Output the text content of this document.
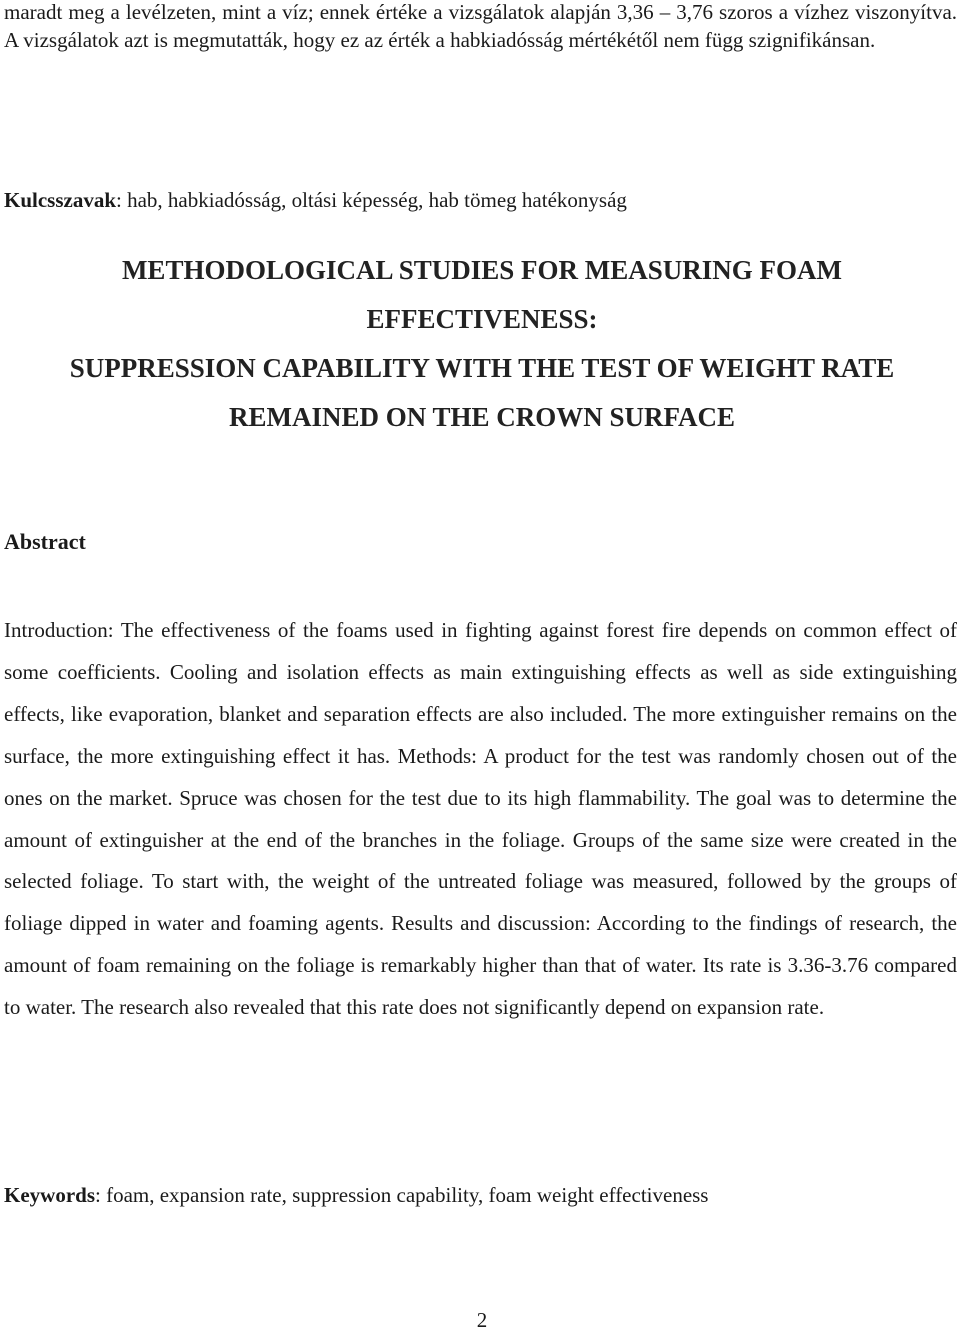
maradt meg a levélzeten, mint a víz; ennek értéke a vizsgálatok alapján 3,36 – 3,76 szoros a vízhez viszonyítva. A vizsgálatok azt is megmutatták, hogy ez az érték a habkiadósság mértékétől nem függ szignifikánsan.

Kulcsszavak: hab, habkiadósság, oltási képesség, hab tömeg hatékonyság

METHODOLOGICAL STUDIES FOR MEASURING FOAM
EFFECTIVENESS:
SUPPRESSION CAPABILITY WITH THE TEST OF WEIGHT RATE
REMAINED ON THE CROWN SURFACE
Abstract

Introduction: The effectiveness of the foams used in fighting against forest fire depends on common effect of some coefficients. Cooling and isolation effects as main extinguishing effects as well as side extinguishing effects, like evaporation, blanket and separation effects are also included. The more extinguisher remains on the surface, the more extinguishing effect it has. Methods: A product for the test was randomly chosen out of the ones on the market. Spruce was chosen for the test due to its high flammability. The goal was to determine the amount of extinguisher at the end of the branches in the foliage. Groups of the same size were created in the selected foliage. To start with, the weight of the untreated foliage was measured, followed by the groups of foliage dipped in water and foaming agents. Results and discussion: According to the findings of research, the amount of foam remaining on the foliage is remarkably higher than that of water. Its rate is 3.36-3.76 compared to water. The research also revealed that this rate does not significantly depend on expansion rate.

Keywords: foam, expansion rate, suppression capability, foam weight effectiveness

2
